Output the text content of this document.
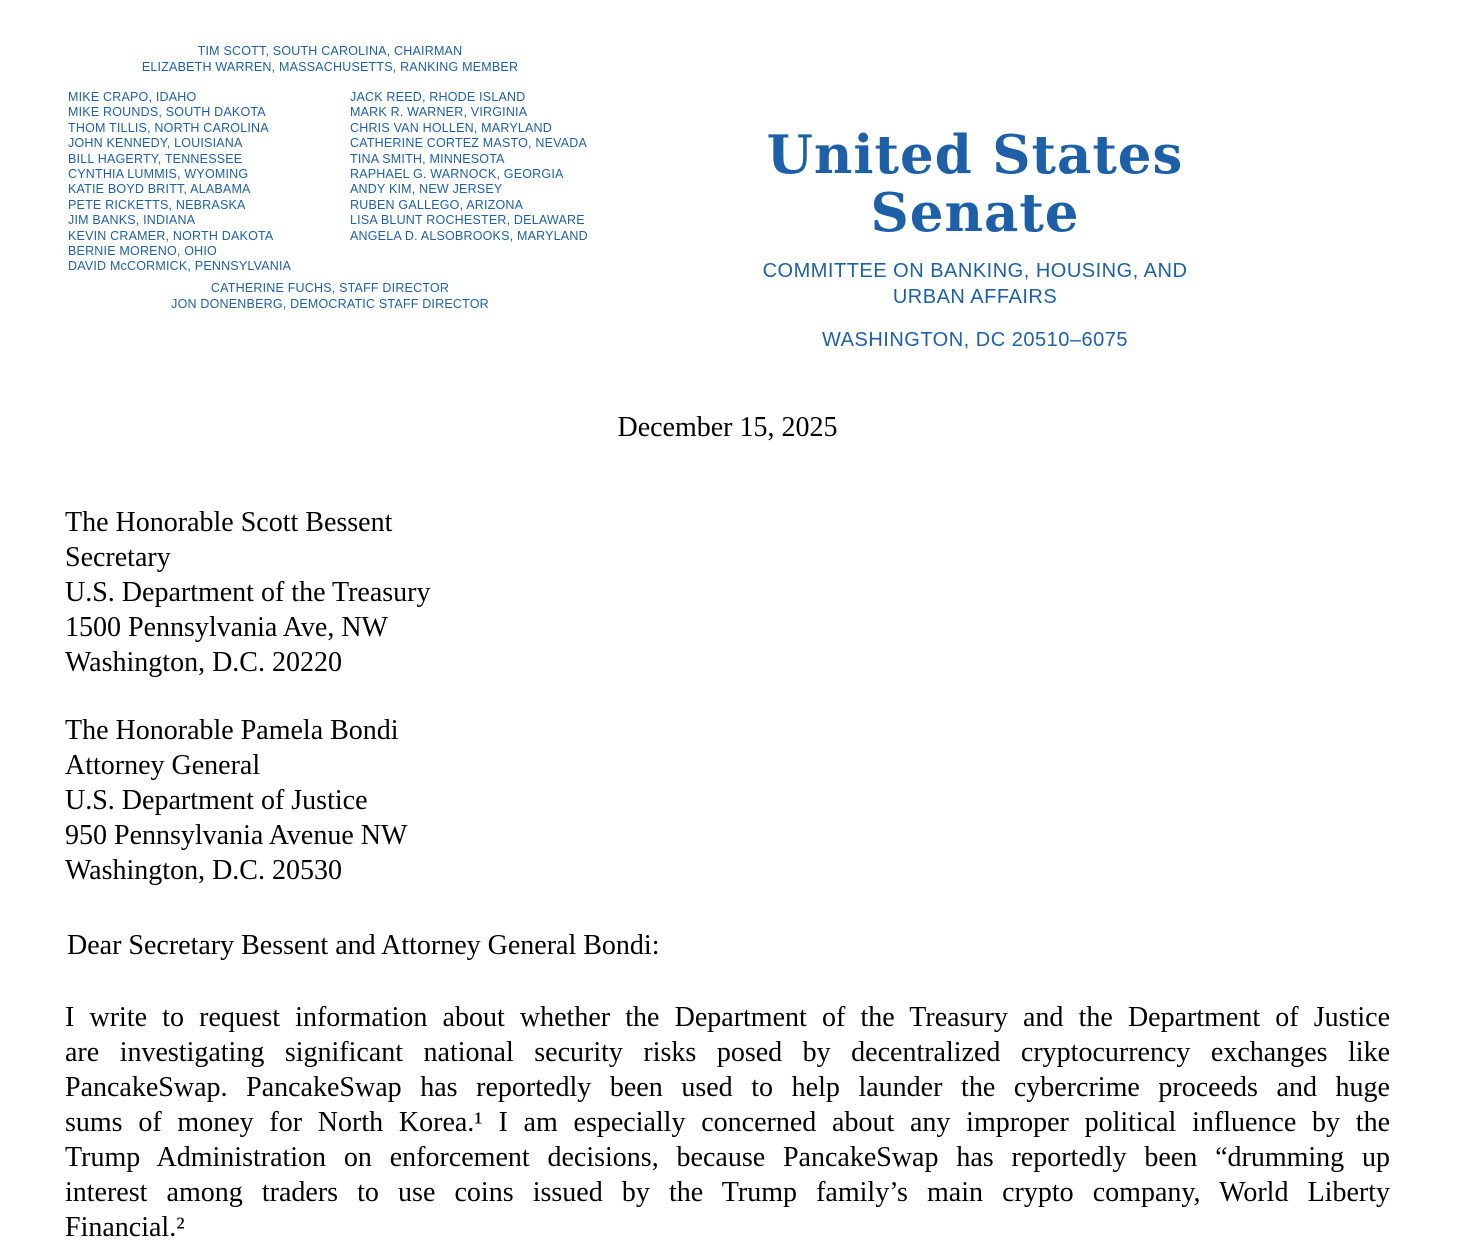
TIM SCOTT, SOUTH CAROLINA, CHAIRMAN
ELIZABETH WARREN, MASSACHUSETTS, RANKING MEMBER
MIKE CRAPO, IDAHO
MIKE ROUNDS, SOUTH DAKOTA
THOM TILLIS, NORTH CAROLINA
JOHN KENNEDY, LOUISIANA
BILL HAGERTY, TENNESSEE
CYNTHIA LUMMIS, WYOMING
KATIE BOYD BRITT, ALABAMA
PETE RICKETTS, NEBRASKA
JIM BANKS, INDIANA
KEVIN CRAMER, NORTH DAKOTA
BERNIE MORENO, OHIO
DAVID McCORMICK, PENNSYLVANIA
JACK REED, RHODE ISLAND
MARK R. WARNER, VIRGINIA
CHRIS VAN HOLLEN, MARYLAND
CATHERINE CORTEZ MASTO, NEVADA
TINA SMITH, MINNESOTA
RAPHAEL G. WARNOCK, GEORGIA
ANDY KIM, NEW JERSEY
RUBEN GALLEGO, ARIZONA
LISA BLUNT ROCHESTER, DELAWARE
ANGELA D. ALSOBROOKS, MARYLAND
CATHERINE FUCHS, STAFF DIRECTOR
JON DONENBERG, DEMOCRATIC STAFF DIRECTOR
United States Senate
COMMITTEE ON BANKING, HOUSING, AND
URBAN AFFAIRS
WASHINGTON, DC 20510–6075
December 15, 2025
The Honorable Scott Bessent
Secretary
U.S. Department of the Treasury
1500 Pennsylvania Ave, NW
Washington, D.C. 20220
The Honorable Pamela Bondi
Attorney General
U.S. Department of Justice
950 Pennsylvania Avenue NW
Washington, D.C. 20530
Dear Secretary Bessent and Attorney General Bondi:
I write to request information about whether the Department of the Treasury and the Department of Justice
are investigating significant national security risks posed by decentralized cryptocurrency exchanges like
PancakeSwap. PancakeSwap has reportedly been used to help launder the cybercrime proceeds and huge
sums of money for North Korea.¹ I am especially concerned about any improper political influence by the
Trump Administration on enforcement decisions, because PancakeSwap has reportedly been “drumming up
interest among traders to use coins issued by the Trump family’s main crypto company, World Liberty
Financial.²
